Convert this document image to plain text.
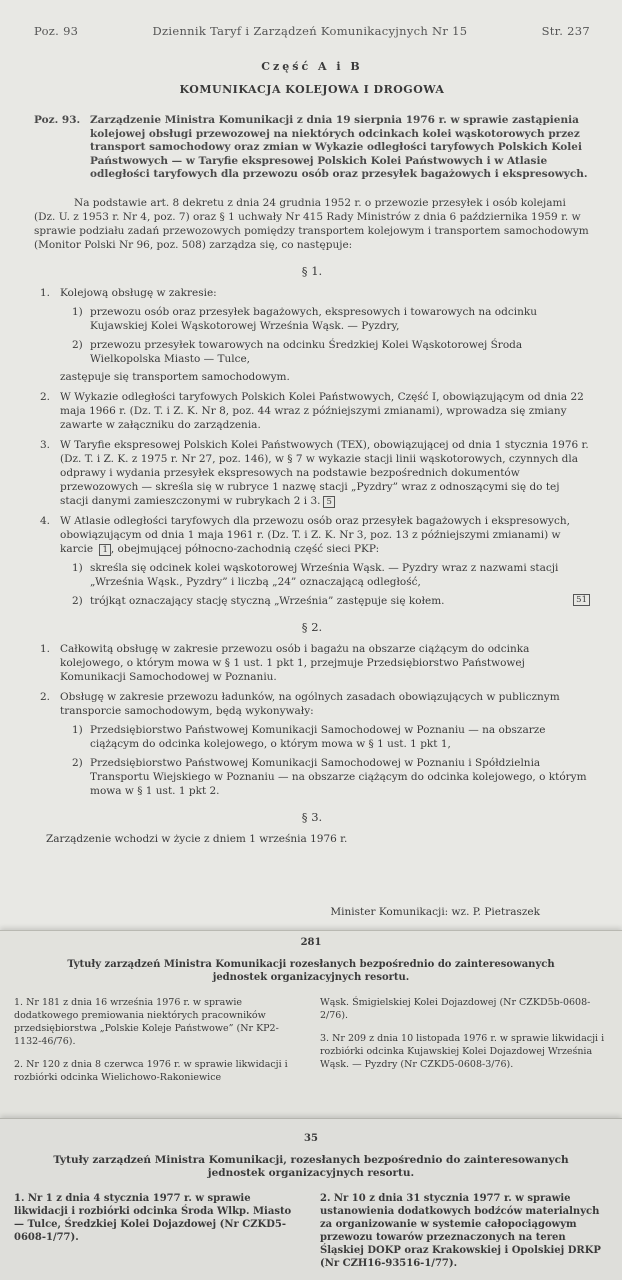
Poz. 93	Dziennik Taryf i Zarządzeń Komunikacyjnych Nr 15	Str. 237
Część A i B
KOMUNIKACJA KOLEJOWA I DROGOWA
Poz. 93. Zarządzenie Ministra Komunikacji z dnia 19 sierpnia 1976 r. w sprawie zastąpienia kolejowej obsługi przewozowej na niektórych odcinkach kolei wąskotorowych przez transport samochodowy oraz zmian w Wykazie odległości taryfowych Polskich Kolei Państwowych — w Taryfie ekspresowej Polskich Kolei Państwowych i w Atlasie odległości taryfowych dla przewozu osób oraz przesyłek bagażowych i ekspresowych.

Na podstawie art. 8 dekretu z dnia 24 grudnia 1952 r. o przewozie przesyłek i osób kolejami (Dz. U. z 1953 r. Nr 4, poz. 7) oraz § 1 uchwały Nr 415 Rady Ministrów z dnia 6 października 1959 r. w sprawie podziału zadań przewozowych pomiędzy transportem kolejowym i transportem samochodowym (Monitor Polski Nr 96, poz. 508) zarządza się, co następuje:

§ 1.
1. Kolejową obsługę w zakresie:

1) przewozu osób oraz przesyłek bagażowych, ekspresowych i towarowych na odcinku Kujawskiej Kolei Wąskotorowej Września Wąsk. — Pyzdry,
2) przewozu przesyłek towarowych na odcinku Średzkiej Kolei Wąskotorowej Środa Wielkopolska Miasto — Tulce,

zastępuje się transportem samochodowym.

2. W Wykazie odległości taryfowych Polskich Kolei Państwowych, Część I, obowiązującym od dnia 22 maja 1966 r. (Dz. T. i Z. K. Nr 8, poz. 44 wraz z późniejszymi zmianami), wprowadza się zmiany zawarte w załączniku do zarządzenia.

3. W Taryfie ekspresowej Polskich Kolei Państwowych (TEX), obowiązującej od dnia 1 stycznia 1976 r. (Dz. T. i Z. K. z 1975 r. Nr 27, poz. 146), w § 7 w wykazie stacji linii wąskotorowych, czynnych dla odprawy i wydania przesyłek ekspresowych na podstawie bezpośrednich dokumentów przewozowych — skreśla się w rubryce 1 nazwę stacji „Pyzdry” wraz z odnoszącymi się do tej stacji danymi zamieszczonymi w rubrykach 2 i 3. 5

4. W Atlasie odległości taryfowych dla przewozu osób oraz przesyłek bagażowych i ekspresowych, obowiązującym od dnia 1 maja 1961 r. (Dz. T. i Z. K. Nr 3, poz. 13 z późniejszymi zmianami) w karcie 1 , obejmującej północno-zachodnią część sieci PKP:

1) skreśla się odcinek kolei wąskotorowej Września Wąsk. — Pyzdry wraz z nazwami stacji „Września Wąsk., Pyzdry” i liczbą „24” oznaczającą odległość,
2) trójkąt oznaczający stację styczną „Września” zastępuje się kołem.	51
§ 2.
1. Całkowitą obsługę w zakresie przewozu osób i bagażu na obszarze ciążącym do odcinka kolejowego, o którym mowa w § 1 ust. 1 pkt 1, przejmuje Przedsiębiorstwo Państwowej Komunikacji Samochodowej w Poznaniu.

2. Obsługę w zakresie przewozu ładunków, na ogólnych zasadach obowiązujących w publicznym transporcie samochodowym, będą wykonywały:

1) Przedsiębiorstwo Państwowej Komunikacji Samochodowej w Poznaniu — na obszarze ciążącym do odcinka kolejowego, o którym mowa w § 1 ust. 1 pkt 1,
2) Przedsiębiorstwo Państwowej Komunikacji Samochodowej w Poznaniu i Spółdzielnia Transportu Wiejskiego w Poznaniu — na obszarze ciążącym do odcinka kolejowego, o którym mowa w § 1 ust. 1 pkt 2.
§ 3.

Zarządzenie wchodzi w życie z dniem 1 września 1976 r.

Minister Komunikacji: wz. P. Pietraszek

281
Tytuły zarządzeń Ministra Komunikacji rozesłanych bezpośrednio do zainteresowanych jednostek organizacyjnych resortu.

1. Nr 181 z dnia 16 września 1976 r. w sprawie dodatkowego premiowania niektórych pracowników przedsiębiorstwa „Polskie Koleje Państwowe” (Nr KP2-1132-46/76).

2. Nr 120 z dnia 8 czerwca 1976 r. w sprawie likwidacji i rozbiórki odcinka Wielichowo-Rakoniewice

Wąsk. Śmigielskiej Kolei Dojazdowej (Nr CZKD5b-0608-2/76).

3. Nr 209 z dnia 10 listopada 1976 r. w sprawie likwidacji i rozbiórki odcinka Kujawskiej Kolei Dojazdowej Września Wąsk. — Pyzdry (Nr CZKD5-0608-3/76).

35
Tytuły zarządzeń Ministra Komunikacji, rozesłanych bezpośrednio do zainteresowanych jednostek organizacyjnych resortu.

1. Nr 1 z dnia 4 stycznia 1977 r. w sprawie likwidacji i rozbiórki odcinka Środa Wlkp. Miasto — Tulce, Średzkiej Kolei Dojazdowej (Nr CZKD5-0608-1/77).

2. Nr 10 z dnia 31 stycznia 1977 r. w sprawie ustanowienia dodatkowych bodźców materialnych za organizowanie w systemie całopociągowym przewozu towarów przeznaczonych na teren Śląskiej DOKP oraz Krakowskiej i Opolskiej DRKP (Nr CZH16-93516-1/77).
